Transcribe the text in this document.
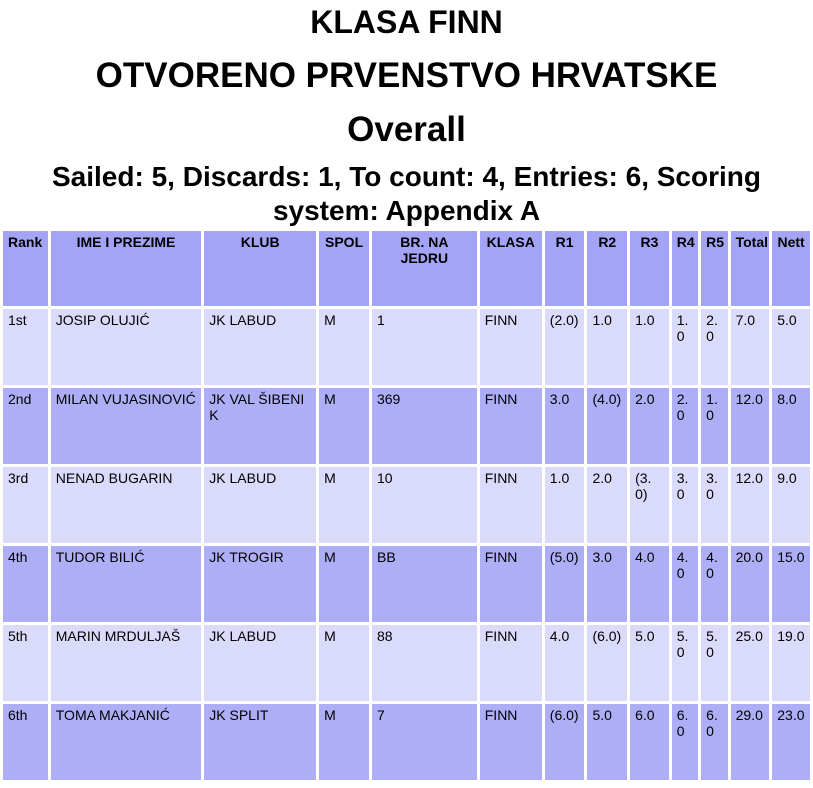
KLASA FINN
OTVORENO PRVENSTVO HRVATSKE
Overall
Sailed: 5, Discards: 1, To count: 4, Entries: 6, Scoring system: Appendix A
Rank	IME I PREZIME	KLUB	SPOL	BR. NA JEDRU	KLASA	R1	R2	R3	R4	R5	Total	Nett
1st	JOSIP OLUJIĆ	JK LABUD	M	1	FINN	(2.0)	1.0	1.0	1.0	2.0	7.0	5.0
2nd	MILAN VUJASINOVIĆ	JK VAL ŠIBENIK	M	369	FINN	3.0	(4.0)	2.0	2.0	1.0	12.0	8.0
3rd	NENAD BUGARIN	JK LABUD	M	10	FINN	1.0	2.0	(3.0)	3.0	3.0	12.0	9.0
4th	TUDOR BILIĆ	JK TROGIR	M	BB	FINN	(5.0)	3.0	4.0	4.0	4.0	20.0	15.0
5th	MARIN MRDULJAŠ	JK LABUD	M	88	FINN	4.0	(6.0)	5.0	5.0	5.0	25.0	19.0
6th	TOMA MAKJANIĆ	JK SPLIT	M	7	FINN	(6.0)	5.0	6.0	6.0	6.0	29.0	23.0
